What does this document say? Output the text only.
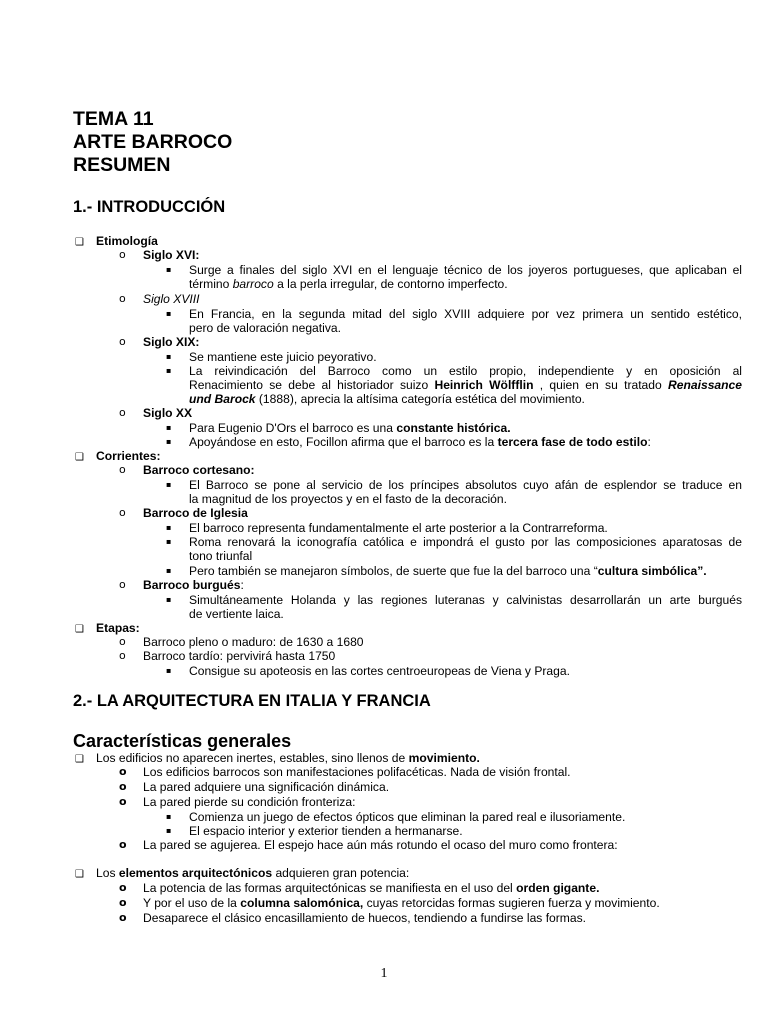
TEMA 11
ARTE BARROCO
RESUMEN
1.- INTRODUCCIÓN
❑ Etimología
o Siglo XVI:
▪ Surge a finales del siglo XVI en el lenguaje técnico de los joyeros portugueses, que aplicaban el
término barroco a la perla irregular, de contorno imperfecto.
o Siglo XVIII
▪ En Francia, en la segunda mitad del siglo XVIII adquiere por vez primera un sentido estético,
pero de valoración negativa.
o Siglo XIX:
▪ Se mantiene este juicio peyorativo.
▪ La reivindicación del Barroco como un estilo propio, independiente y en oposición al
Renacimiento se debe al historiador suizo Heinrich Wölfflin , quien en su tratado Renaissance
und Barock (1888), aprecia la altísima categoría estética del movimiento.
o Siglo XX
▪ Para Eugenio D'Ors el barroco es una constante histórica.
▪ Apoyándose en esto, Focillon afirma que el barroco es la tercera fase de todo estilo:
❑ Corrientes:
o Barroco cortesano:
▪ El Barroco se pone al servicio de los príncipes absolutos cuyo afán de esplendor se traduce en
la magnitud de los proyectos y en el fasto de la decoración.
o Barroco de Iglesia
▪ El barroco representa fundamentalmente el arte posterior a la Contrarreforma.
▪ Roma renovará la iconografía católica e impondrá el gusto por las composiciones aparatosas de
tono triunfal
▪ Pero también se manejaron símbolos, de suerte que fue la del barroco una “cultura simbólica”.
o Barroco burgués:
▪ Simultáneamente Holanda y las regiones luteranas y calvinistas desarrollarán un arte burgués
de vertiente laica.
❑ Etapas:
o Barroco pleno o maduro: de 1630 a 1680
o Barroco tardío: pervivirá hasta 1750
▪ Consigue su apoteosis en las cortes centroeuropeas de Viena y Praga.
2.- LA ARQUITECTURA EN ITALIA Y FRANCIA
Características generales
❑ Los edificios no aparecen inertes, estables, sino llenos de movimiento.
o Los edificios barrocos son manifestaciones polifacéticas. Nada de visión frontal.
o La pared adquiere una significación dinámica.
o La pared pierde su condición fronteriza:
▪ Comienza un juego de efectos ópticos que eliminan la pared real e ilusoriamente.
▪ El espacio interior y exterior tienden a hermanarse.
o La pared se agujerea. El espejo hace aún más rotundo el ocaso del muro como frontera:
❑ Los elementos arquitectónicos adquieren gran potencia:
o La potencia de las formas arquitectónicas se manifiesta en el uso del orden gigante.
o Y por el uso de la columna salomónica, cuyas retorcidas formas sugieren fuerza y movimiento.
o Desaparece el clásico encasillamiento de huecos, tendiendo a fundirse las formas.
1
